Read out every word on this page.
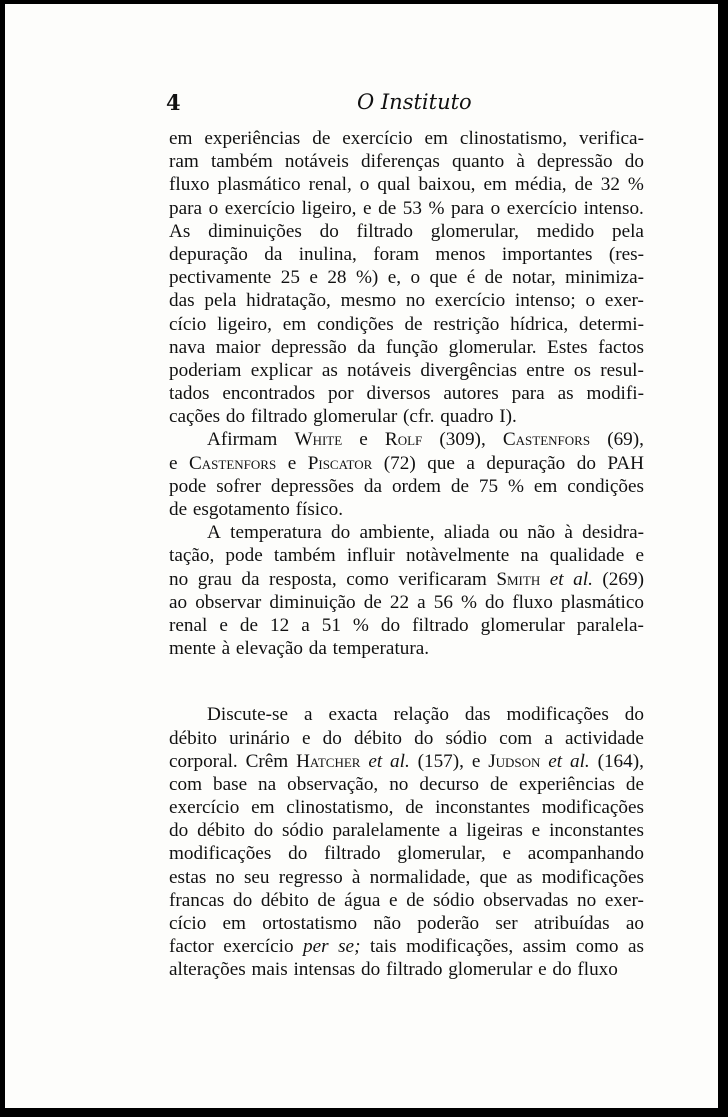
4	O Instituto
em experiências de exercício em clinostatismo, verifica-
ram também notáveis diferenças quanto à depressão do
fluxo plasmático renal, o qual baixou, em média, de 32 %
para o exercício ligeiro, e de 53 % para o exercício intenso.
As diminuições do filtrado glomerular, medido pela
depuração da inulina, foram menos importantes (res-
pectivamente 25 e 28 %) e, o que é de notar, minimiza-
das pela hidratação, mesmo no exercício intenso; o exer-
cício ligeiro, em condições de restrição hídrica, determi-
nava maior depressão da função glomerular. Estes factos
poderiam explicar as notáveis divergências entre os resul-
tados encontrados por diversos autores para as modifi-
cações do filtrado glomerular (cfr. quadro I).
Afirmam White e Rolf (309), Castenfors (69),
e Castenfors e Piscator (72) que a depuração do PAH
pode sofrer depressões da ordem de 75 % em condições
de esgotamento físico.
A temperatura do ambiente, aliada ou não à desidra-
tação, pode também influir notàvelmente na qualidade e
no grau da resposta, como verificaram Smith et al. (269)
ao observar diminuição de 22 a 56 % do fluxo plasmático
renal e de 12 a 51 % do filtrado glomerular paralela-
mente à elevação da temperatura.
Discute-se a exacta relação das modificações do
débito urinário e do débito do sódio com a actividade
corporal. Crêm Hatcher et al. (157), e Judson et al. (164),
com base na observação, no decurso de experiências de
exercício em clinostatismo, de inconstantes modificações
do débito do sódio paralelamente a ligeiras e inconstantes
modificações do filtrado glomerular, e acompanhando
estas no seu regresso à normalidade, que as modificações
francas do débito de água e de sódio observadas no exer-
cício em ortostatismo não poderão ser atribuídas ao
factor exercício per se; tais modificações, assim como as
alterações mais intensas do filtrado glomerular e do fluxo
